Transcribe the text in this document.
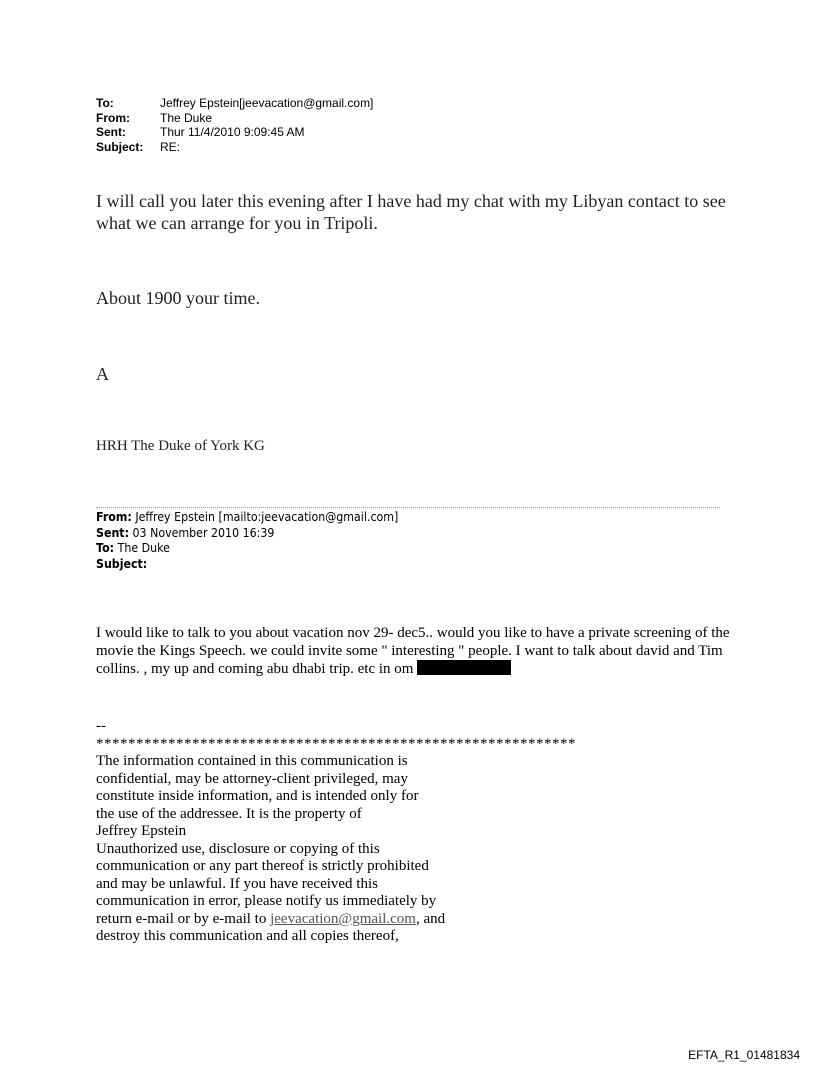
To:	Jeffrey Epstein[jeevacation@gmail.com]
From:	The Duke
Sent:	Thur 11/4/2010 9:09:45 AM
Subject:	RE:
I will call you later this evening after I have had my chat with my Libyan contact to see what we can arrange for you in Tripoli.
About 1900 your time.
A
HRH The Duke of York KG
From: Jeffrey Epstein [mailto:jeevacation@gmail.com]
Sent: 03 November 2010 16:39
To: The Duke
Subject:
I would like to talk to you about vacation nov 29- dec5.. would you like to have a private screening of the movie the Kings Speech. we could invite some " interesting " people. I want to talk about david and Tim collins. , my up and coming abu dhabi trip. etc in om
--
************************************************************
The information contained in this communication is
confidential, may be attorney-client privileged, may
constitute inside information, and is intended only for
the use of the addressee. It is the property of
Jeffrey Epstein
Unauthorized use, disclosure or copying of this
communication or any part thereof is strictly prohibited
and may be unlawful. If you have received this
communication in error, please notify us immediately by
return e-mail or by e-mail to jeevacation@gmail.com, and
destroy this communication and all copies thereof,
EFTA_R1_01481834
